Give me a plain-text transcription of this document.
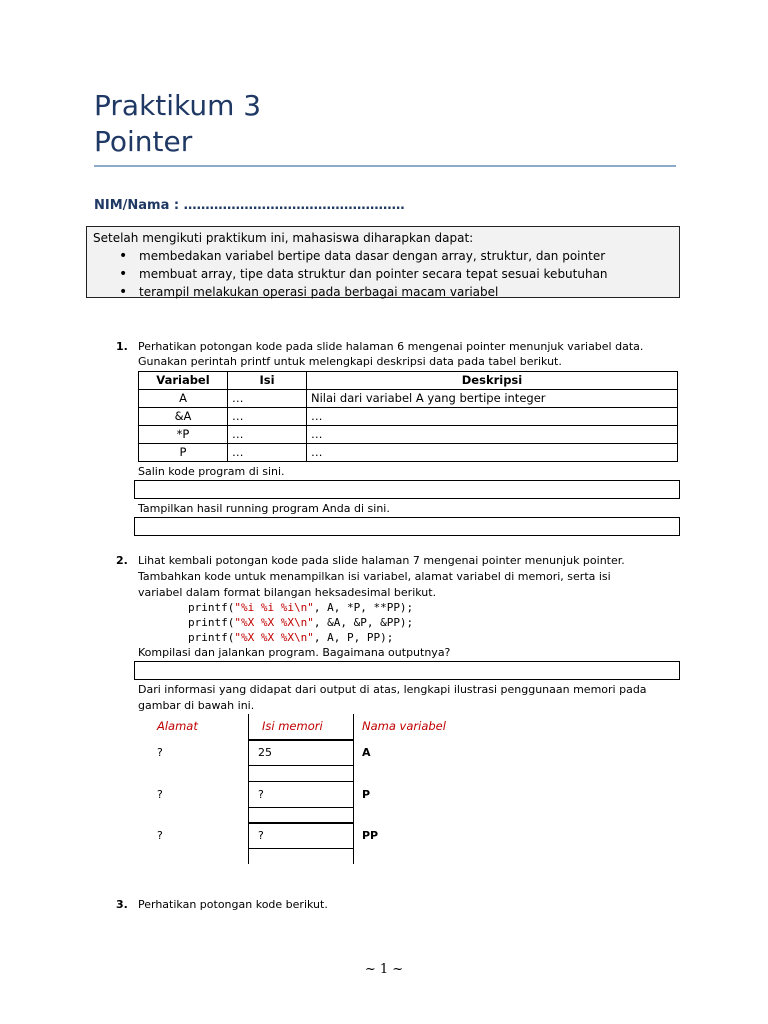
Praktikum 3
Pointer
NIM/Nama : ……………………………………………
Setelah mengikuti praktikum ini, mahasiswa diharapkan dapat:
• membedakan variabel bertipe data dasar dengan array, struktur, dan pointer
• membuat array, tipe data struktur dan pointer secara tepat sesuai kebutuhan
• terampil melakukan operasi pada berbagai macam variabel
1. Perhatikan potongan kode pada slide halaman 6 mengenai pointer menunjuk variabel data.
Gunakan perintah printf untuk melengkapi deskripsi data pada tabel berikut.
Variabel	Isi	Deskripsi
A	…	Nilai dari variabel A yang bertipe integer
&A	…	…
*P	…	…
P	…	…
Salin kode program di sini.
Tampilkan hasil running program Anda di sini.
2. Lihat kembali potongan kode pada slide halaman 7 mengenai pointer menunjuk pointer.
Tambahkan kode untuk menampilkan isi variabel, alamat variabel di memori, serta isi
variabel dalam format bilangan heksadesimal berikut.
printf("%i %i %i\n", A, *P, **PP);
printf("%X %X %X\n", &A, &P, &PP);
printf("%X %X %X\n", A, P, PP);
Kompilasi dan jalankan program. Bagaimana outputnya?
Dari informasi yang didapat dari output di atas, lengkapi ilustrasi penggunaan memori pada
gambar di bawah ini.
Alamat	Isi memori	Nama variabel
?	25	A
?	?	P
?	?	PP
3. Perhatikan potongan kode berikut.
~ 1 ~
